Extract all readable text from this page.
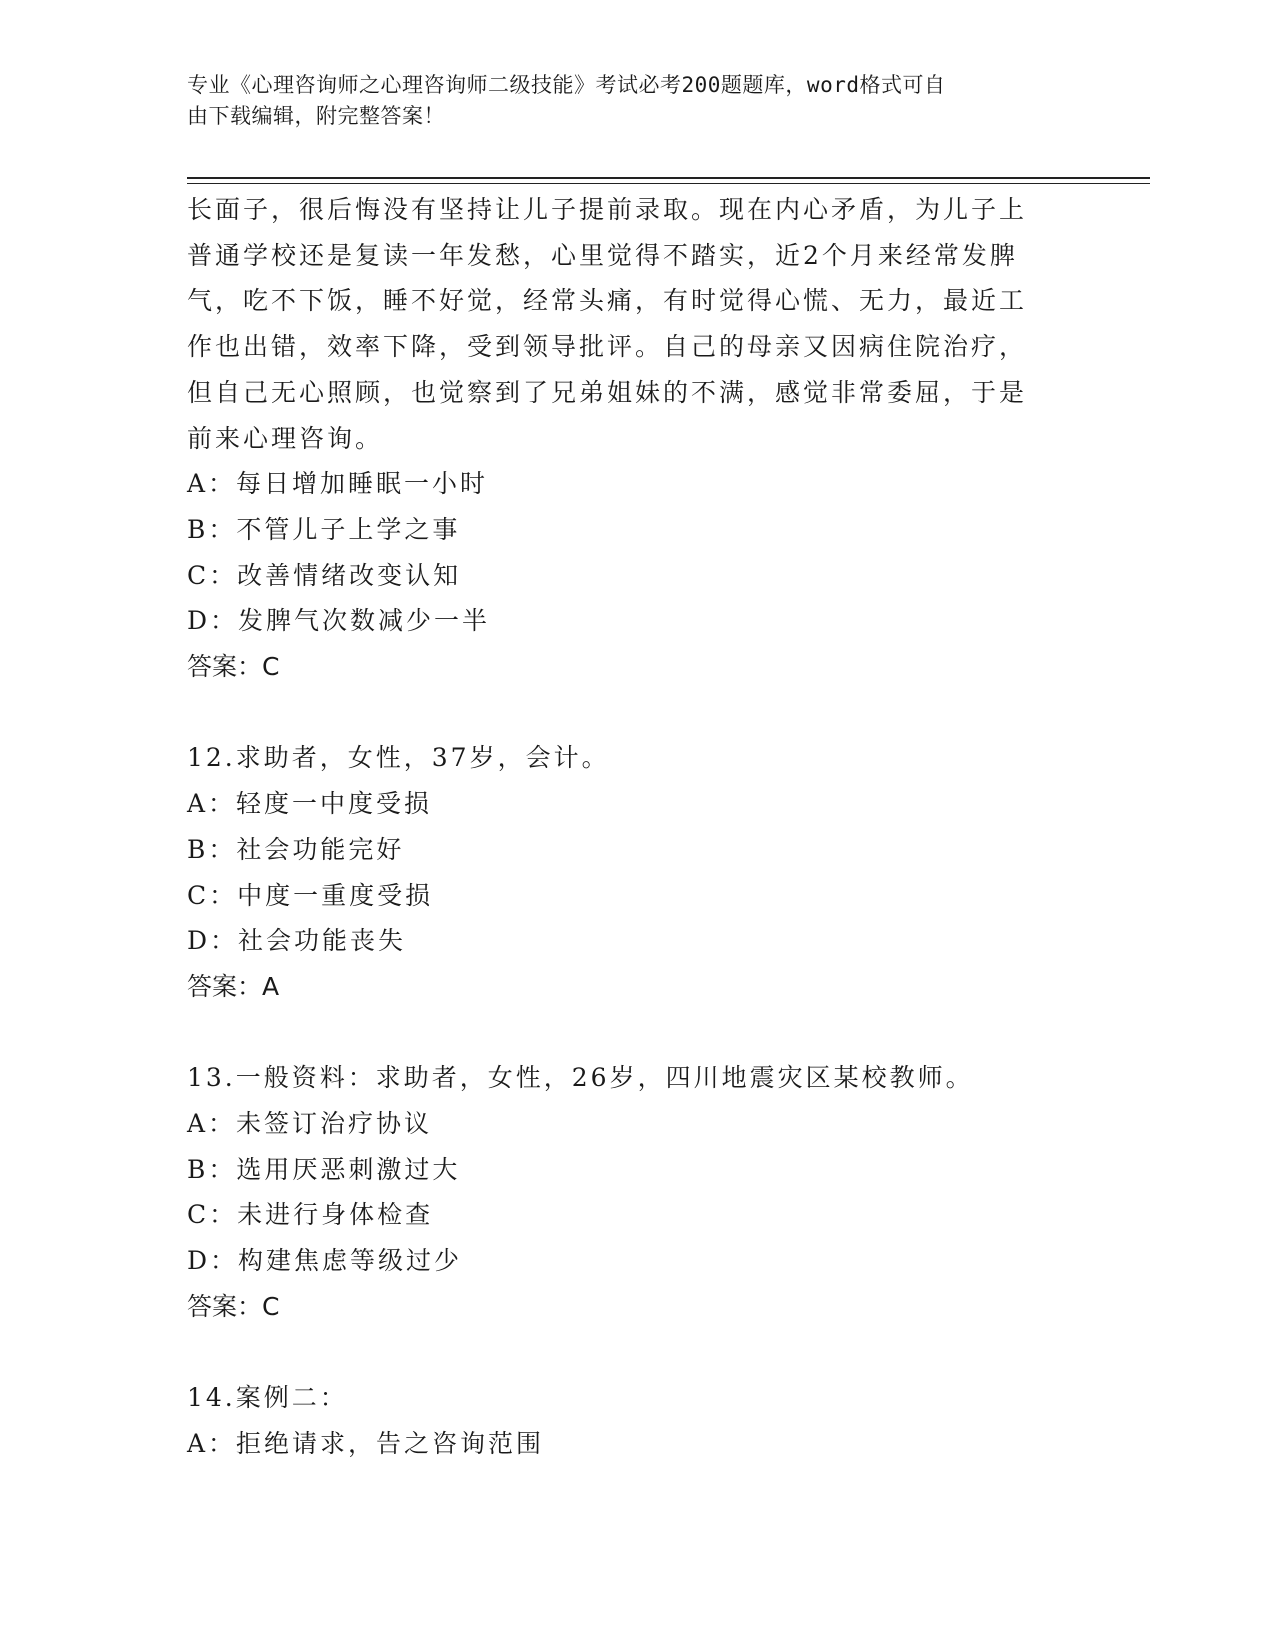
专业《心理咨询师之心理咨询师二级技能》考试必考200题题库，word格式可自
由下载编辑，附完整答案！
长面子，很后悔没有坚持让儿子提前录取。现在内心矛盾，为儿子上
普通学校还是复读一年发愁，心里觉得不踏实，近2个月来经常发脾
气，吃不下饭，睡不好觉，经常头痛，有时觉得心慌、无力，最近工
作也出错，效率下降，受到领导批评。自己的母亲又因病住院治疗，
但自己无心照顾，也觉察到了兄弟姐妹的不满，感觉非常委屈，于是
前来心理咨询。
A：每日增加睡眠一小时
B：不管儿子上学之事
C：改善情绪改变认知
D：发脾气次数减少一半
答案：C
12.求助者，女性，37岁，会计。
A：轻度一中度受损
B：社会功能完好
C：中度一重度受损
D：社会功能丧失
答案：A
13.一般资料：求助者，女性，26岁，四川地震灾区某校教师。
A：未签订治疗协议
B：选用厌恶刺激过大
C：未进行身体检查
D：构建焦虑等级过少
答案：C
14.案例二：
A：拒绝请求，告之咨询范围
